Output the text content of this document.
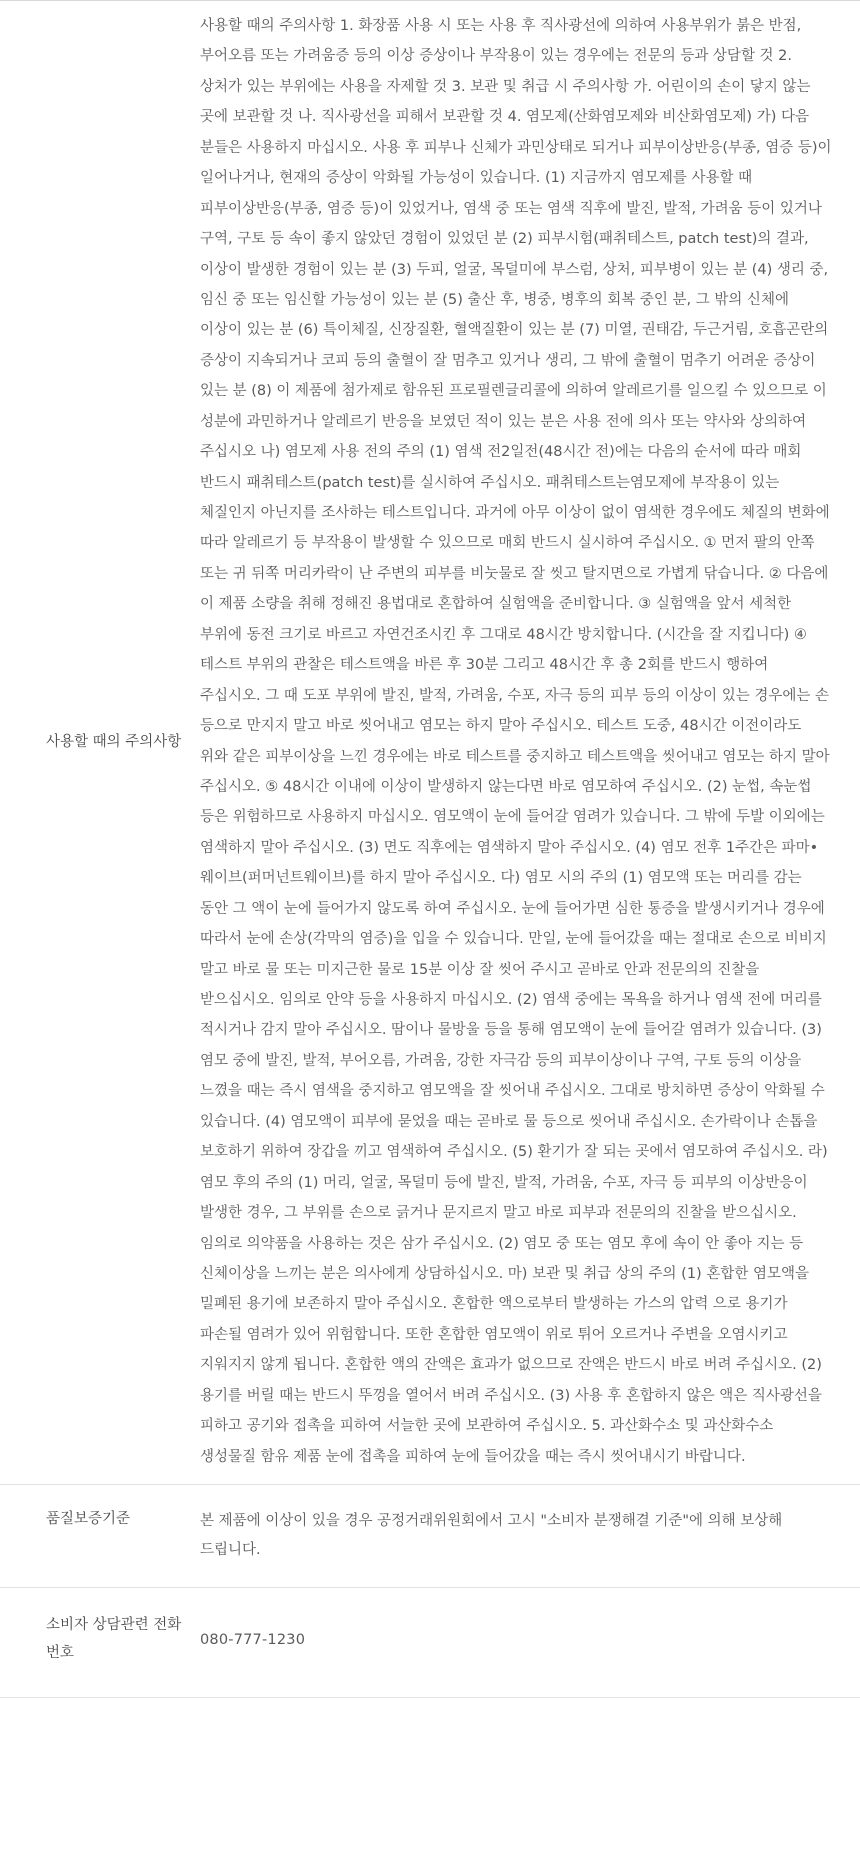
사용할 때의 주의사항	사용할 때의 주의사항 1. 화장품 사용 시 또는 사용 후 직사광선에 의하여 사용부위가 붉은 반점, 부어오름 또는 가려움증 등의 이상 증상이나 부작용이 있는 경우에는 전문의 등과 상담할 것 2. 상처가 있는 부위에는 사용을 자제할 것 3. 보관 및 취급 시 주의사항 가. 어린이의 손이 닿지 않는 곳에 보관할 것 나. 직사광선을 피해서 보관할 것 4. 염모제(산화염모제와 비산화염모제) 가) 다음 분들은 사용하지 마십시오. 사용 후 피부나 신체가 과민상태로 되거나 피부이상반응(부종, 염증 등)이 일어나거나, 현재의 증상이 악화될 가능성이 있습니다. (1) 지금까지 염모제를 사용할 때 피부이상반응(부종, 염증 등)이 있었거나, 염색 중 또는 염색 직후에 발진, 발적, 가려움 등이 있거나 구역, 구토 등 속이 좋지 않았던 경험이 있었던 분 (2) 피부시험(패취테스트, patch test)의 결과, 이상이 발생한 경험이 있는 분 (3) 두피, 얼굴, 목덜미에 부스럼, 상처, 피부병이 있는 분 (4) 생리 중, 임신 중 또는 임신할 가능성이 있는 분 (5) 출산 후, 병중, 병후의 회복 중인 분, 그 밖의 신체에 이상이 있는 분 (6) 특이체질, 신장질환, 혈액질환이 있는 분 (7) 미열, 권태감, 두근거림, 호흡곤란의 증상이 지속되거나 코피 등의 출혈이 잘 멈추고 있거나 생리, 그 밖에 출혈이 멈추기 어려운 증상이 있는 분 (8) 이 제품에 첨가제로 함유된 프로필렌글리콜에 의하여 알레르기를 일으킬 수 있으므로 이 성분에 과민하거나 알레르기 반응을 보였던 적이 있는 분은 사용 전에 의사 또는 약사와 상의하여 주십시오 나) 염모제 사용 전의 주의 (1) 염색 전2일전(48시간 전)에는 다음의 순서에 따라 매회 반드시 패취테스트(patch test)를 실시하여 주십시오. 패취테스트는염모제에 부작용이 있는 체질인지 아닌지를 조사하는 테스트입니다. 과거에 아무 이상이 없이 염색한 경우에도 체질의 변화에 따라 알레르기 등 부작용이 발생할 수 있으므로 매회 반드시 실시하여 주십시오. ① 먼저 팔의 안쪽 또는 귀 뒤쪽 머리카락이 난 주변의 피부를 비눗물로 잘 씻고 탈지면으로 가볍게 닦습니다. ② 다음에 이 제품 소량을 취해 정해진 용법대로 혼합하여 실험액을 준비합니다. ③ 실험액을 앞서 세척한 부위에 동전 크기로 바르고 자연건조시킨 후 그대로 48시간 방치합니다. (시간을 잘 지킵니다) ④ 테스트 부위의 관찰은 테스트액을 바른 후 30분 그리고 48시간 후 총 2회를 반드시 행하여 주십시오. 그 때 도포 부위에 발진, 발적, 가려움, 수포, 자극 등의 피부 등의 이상이 있는 경우에는 손 등으로 만지지 말고 바로 씻어내고 염모는 하지 말아 주십시오. 테스트 도중, 48시간 이전이라도 위와 같은 피부이상을 느낀 경우에는 바로 테스트를 중지하고 테스트액을 씻어내고 염모는 하지 말아 주십시오. ⑤ 48시간 이내에 이상이 발생하지 않는다면 바로 염모하여 주십시오. (2) 눈썹, 속눈썹 등은 위험하므로 사용하지 마십시오. 염모액이 눈에 들어갈 염려가 있습니다. 그 밖에 두발 이외에는 염색하지 말아 주십시오. (3) 면도 직후에는 염색하지 말아 주십시오. (4) 염모 전후 1주간은 파마•웨이브(퍼머넌트웨이브)를 하지 말아 주십시오. 다) 염모 시의 주의 (1) 염모액 또는 머리를 감는 동안 그 액이 눈에 들어가지 않도록 하여 주십시오. 눈에 들어가면 심한 통증을 발생시키거나 경우에 따라서 눈에 손상(각막의 염증)을 입을 수 있습니다. 만일, 눈에 들어갔을 때는 절대로 손으로 비비지 말고 바로 물 또는 미지근한 물로 15분 이상 잘 씻어 주시고 곧바로 안과 전문의의 진찰을 받으십시오. 임의로 안약 등을 사용하지 마십시오. (2) 염색 중에는 목욕을 하거나 염색 전에 머리를 적시거나 감지 말아 주십시오. 땀이나 물방울 등을 통해 염모액이 눈에 들어갈 염려가 있습니다. (3) 염모 중에 발진, 발적, 부어오름, 가려움, 강한 자극감 등의 피부이상이나 구역, 구토 등의 이상을 느꼈을 때는 즉시 염색을 중지하고 염모액을 잘 씻어내 주십시오. 그대로 방치하면 증상이 악화될 수 있습니다. (4) 염모액이 피부에 묻었을 때는 곧바로 물 등으로 씻어내 주십시오. 손가락이나 손톱을 보호하기 위하여 장갑을 끼고 염색하여 주십시오. (5) 환기가 잘 되는 곳에서 염모하여 주십시오. 라) 염모 후의 주의 (1) 머리, 얼굴, 목덜미 등에 발진, 발적, 가려움, 수포, 자극 등 피부의 이상반응이 발생한 경우, 그 부위를 손으로 긁거나 문지르지 말고 바로 피부과 전문의의 진찰을 받으십시오. 임의로 의약품을 사용하는 것은 삼가 주십시오. (2) 염모 중 또는 염모 후에 속이 안 좋아 지는 등 신체이상을 느끼는 분은 의사에게 상담하십시오. 마) 보관 및 취급 상의 주의 (1) 혼합한 염모액을 밀폐된 용기에 보존하지 말아 주십시오. 혼합한 액으로부터 발생하는 가스의 압력 으로 용기가 파손될 염려가 있어 위험합니다. 또한 혼합한 염모액이 위로 튀어 오르거나 주변을 오염시키고 지워지지 않게 됩니다. 혼합한 액의 잔액은 효과가 없으므로 잔액은 반드시 바로 버려 주십시오. (2) 용기를 버릴 때는 반드시 뚜껑을 열어서 버려 주십시오. (3) 사용 후 혼합하지 않은 액은 직사광선을 피하고 공기와 접촉을 피하여 서늘한 곳에 보관하여 주십시오. 5. 과산화수소 및 과산화수소 생성물질 함유 제품 눈에 접촉을 피하여 눈에 들어갔을 때는 즉시 씻어내시기 바랍니다.

품질보증기준	본 제품에 이상이 있을 경우 공정거래위원회에서 고시 "소비자 분쟁해결 기준"에 의해 보상해 드립니다.

소비자 상담관련 전화번호	080-777-1230
